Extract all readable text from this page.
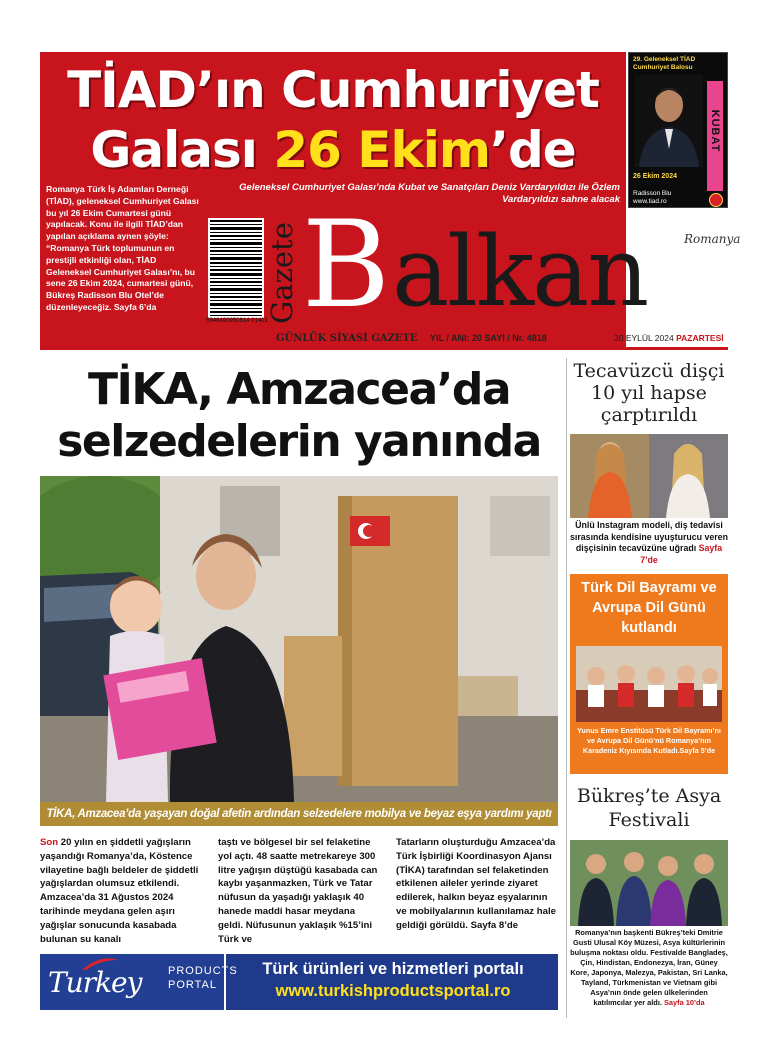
TİAD’ın Cumhuriyet
Galası 26 Ekim’de
Geleneksel Cumhuriyet Galası’nda Kubat ve Sanatçıları Deniz Vardaryıldızı ile Özlem Vardaryıldızı sahne alacak
Romanya Türk İş Adamları Derneği (TİAD), geleneksel Cumhuriyet Galası bu yıl 26 Ekim Cumartesi günü yapılacak. Konu ile ilgili TİAD’dan yapılan açıklama aynen şöyle: “Romanya Türk toplumunun en prestijli etkinliği olan, TİAD Geleneksel Cumhuriyet Galası’nı, bu sene 26 Ekim 2024, cumartesi günü, Bükreş Radisson Blu Otel’de düzenleyeceğiz. Sayfa 6’da
29. Geleneksel TİAD Cumhuriyet Balosu
KUBAT
26 Ekim 2024
Radisson Blu
www.tiad.ro
5948490950814 01401
Gazete B alkan	Romanya
GÜNLÜK SİYASİ GAZETE YIL / ANI: 20 SAYI / Nr. 4818	30 EYLÜL 2024 PAZARTESİ
TİKA, Amzacea’da
selzedelerin yanında
TİKA, Amzacea’da yaşayan doğal afetin ardından selzedelere mobilya ve beyaz eşya yardımı yaptı
Son 20 yılın en şiddetli yağışların yaşandığı Romanya’da, Köstence vilayetine bağlı beldeler de şiddetli yağışlardan olumsuz etkilendi. Amzacea’da 31 Ağustos 2024 tarihinde meydana gelen aşırı yağışlar sonucunda kasabada bulunan su kanalı
taştı ve bölgesel bir sel felaketine yol açtı. 48 saatte metrekareye 300 litre yağışın düştüğü kasabada can kaybı yaşanmazken, Türk ve Tatar nüfusun da yaşadığı yaklaşık 40 hanede maddi hasar meydana geldi. Nüfusunun yaklaşık %15’ini Türk ve
Tatarların oluşturduğu Amzacea’da Türk İşbirliği Koordinasyon Ajansı (TİKA) tarafından sel felaketinden etkilenen aileler yerinde ziyaret edilerek, halkın beyaz eşyalarının ve mobilyalarının kullanılamaz hale geldiği görüldü. Sayfa 8’de
Turkey PRODUCTS
PORTAL
Türk ürünleri ve hizmetleri portalı
www.turkishproductsportal.ro
Tecavüzcü dişçi 10 yıl hapse çarptırıldı
Ünlü Instagram modeli, diş tedavisi sırasında kendisine uyuşturucu veren dişçisinin tecavüzüne uğradı Sayfa 7’de
Türk Dil Bayramı ve Avrupa Dil Günü kutlandı
Yunus Emre Enstitüsü Türk Dil Bayramı’nı ve Avrupa Dil Günü’nü Romanya’nın Karadeniz Kıyısında Kutladı.Sayfa 5’de
Bükreş’te Asya Festivali
Romanya’nın başkenti Bükreş’teki Dmitrie Gusti Ulusal Köy Müzesi, Asya kültürlerinin buluşma noktası oldu. Festivalde Bangladeş, Çin, Hindistan, Endonezya, İran, Güney Kore, Japonya, Malezya, Pakistan, Sri Lanka, Tayland, Türkmenistan ve Vietnam gibi Asya’nın önde gelen ülkelerinden katılımcılar yer aldı. Sayfa 10’da
